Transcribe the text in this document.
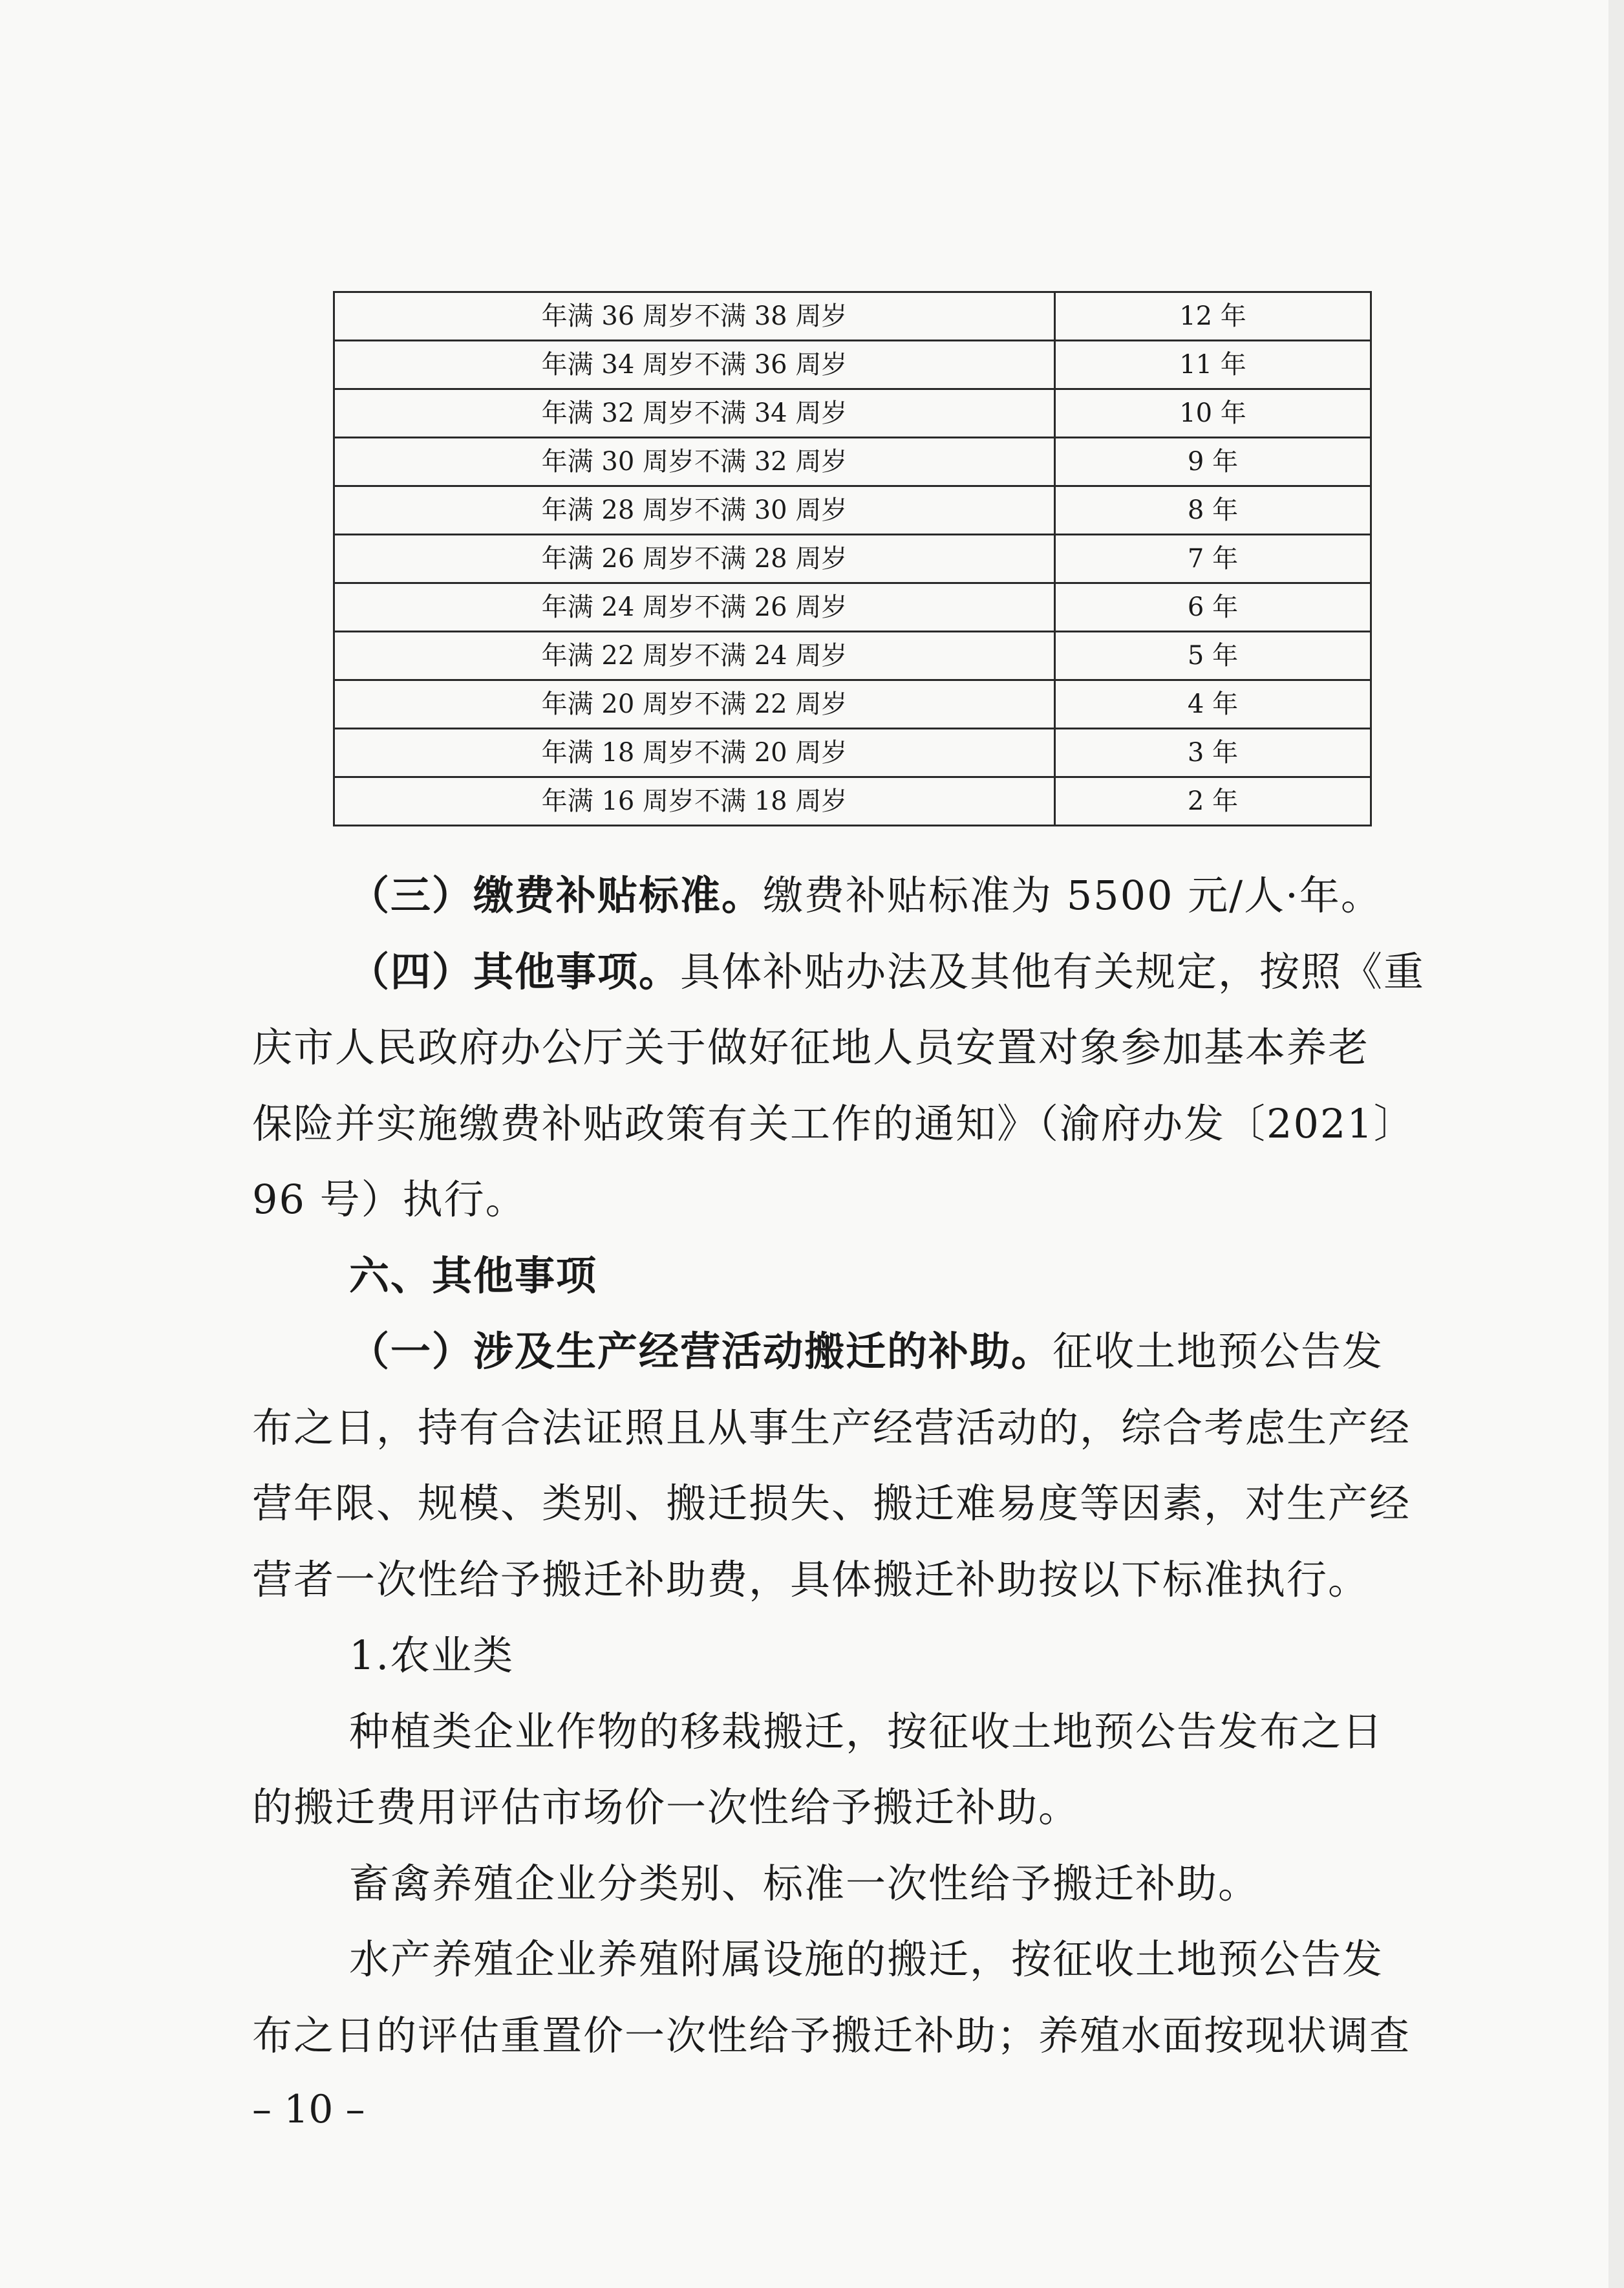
年满 36 周岁不满 38 周岁	12 年
年满 34 周岁不满 36 周岁	11 年
年满 32 周岁不满 34 周岁	10 年
年满 30 周岁不满 32 周岁	9 年
年满 28 周岁不满 30 周岁	8 年
年满 26 周岁不满 28 周岁	7 年
年满 24 周岁不满 26 周岁	6 年
年满 22 周岁不满 24 周岁	5 年
年满 20 周岁不满 22 周岁	4 年
年满 18 周岁不满 20 周岁	3 年
年满 16 周岁不满 18 周岁	2 年

（三）缴费补贴标准。缴费补贴标准为 5500 元/人·年。

（四）其他事项。具体补贴办法及其他有关规定，按照《重

庆市人民政府办公厅关于做好征地人员安置对象参加基本养老

保险并实施缴费补贴政策有关工作的通知》（渝府办发〔2021〕

96 号）执行。

六、其他事项

（一）涉及生产经营活动搬迁的补助。征收土地预公告发

布之日，持有合法证照且从事生产经营活动的，综合考虑生产经

营年限、规模、类别、搬迁损失、搬迁难易度等因素，对生产经

营者一次性给予搬迁补助费，具体搬迁补助按以下标准执行。

1.农业类

种植类企业作物的移栽搬迁，按征收土地预公告发布之日

的搬迁费用评估市场价一次性给予搬迁补助。

畜禽养殖企业分类别、标准一次性给予搬迁补助。

水产养殖企业养殖附属设施的搬迁，按征收土地预公告发

布之日的评估重置价一次性给予搬迁补助；养殖水面按现状调查

– 10 –
